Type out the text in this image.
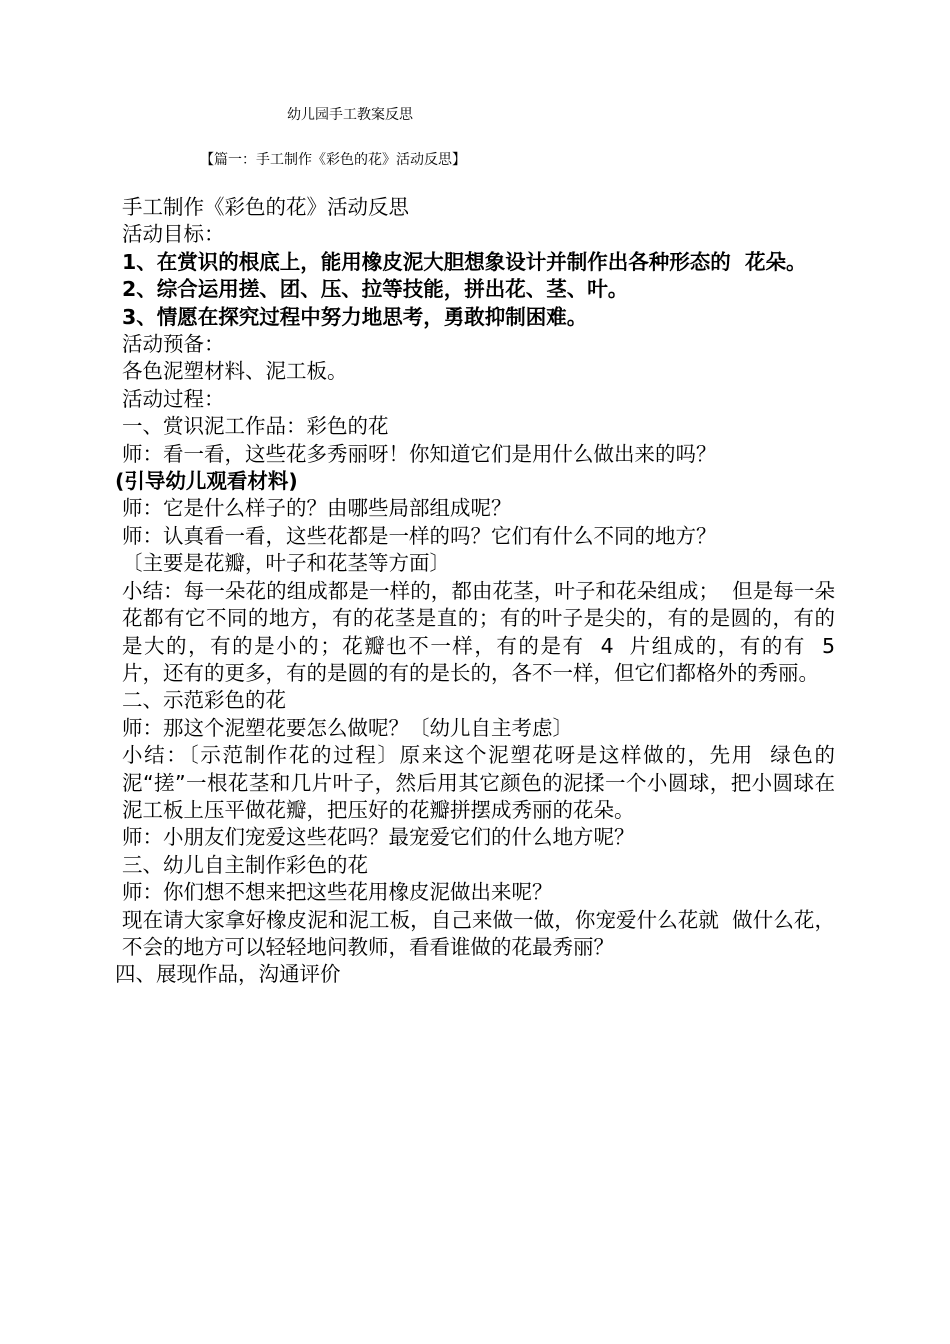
幼儿园手工教案反思
【篇一：手工制作《彩色的花》活动反思】

手工制作《彩色的花》活动反思

活动目标：

1、在赏识的根底上，能用橡皮泥大胆想象设计并制作出各种形态的  花朵。

2、综合运用搓、团、压、拉等技能，拼出花、茎、叶。

3、情愿在探究过程中努力地思考，勇敢抑制困难。

活动预备：

各色泥塑材料、泥工板。

活动过程：

一、赏识泥工作品：彩色的花

师：看一看，这些花多秀丽呀！你知道它们是用什么做出来的吗？

(引导幼儿观看材料)

师：它是什么样子的？由哪些局部组成呢？

师：认真看一看，这些花都是一样的吗？它们有什么不同的地方？

〔主要是花瓣，叶子和花茎等方面〕

小结：每一朵花的组成都是一样的，都由花茎，叶子和花朵组成；  但是每一朵花都有它不同的地方，有的花茎是直的；有的叶子是尖的，有的是圆的，有的是大的，有的是小的；花瓣也不一样，有的是有  4  片组成的，有的有  5  片，还有的更多，有的是圆的有的是长的，各不一样，但它们都格外的秀丽。

二、示范彩色的花

师：那这个泥塑花要怎么做呢？〔幼儿自主考虑〕

小结：〔示范制作花的过程〕原来这个泥塑花呀是这样做的，先用  绿色的泥“搓”一根花茎和几片叶子，然后用其它颜色的泥揉一个小圆球，把小圆球在泥工板上压平做花瓣，把压好的花瓣拼摆成秀丽的花朵。

师：小朋友们宠爱这些花吗？最宠爱它们的什么地方呢？

三、幼儿自主制作彩色的花

师：你们想不想来把这些花用橡皮泥做出来呢？

现在请大家拿好橡皮泥和泥工板，自己来做一做，你宠爱什么花就  做什么花，不会的地方可以轻轻地问教师，看看谁做的花最秀丽？

四、展现作品，沟通评价
